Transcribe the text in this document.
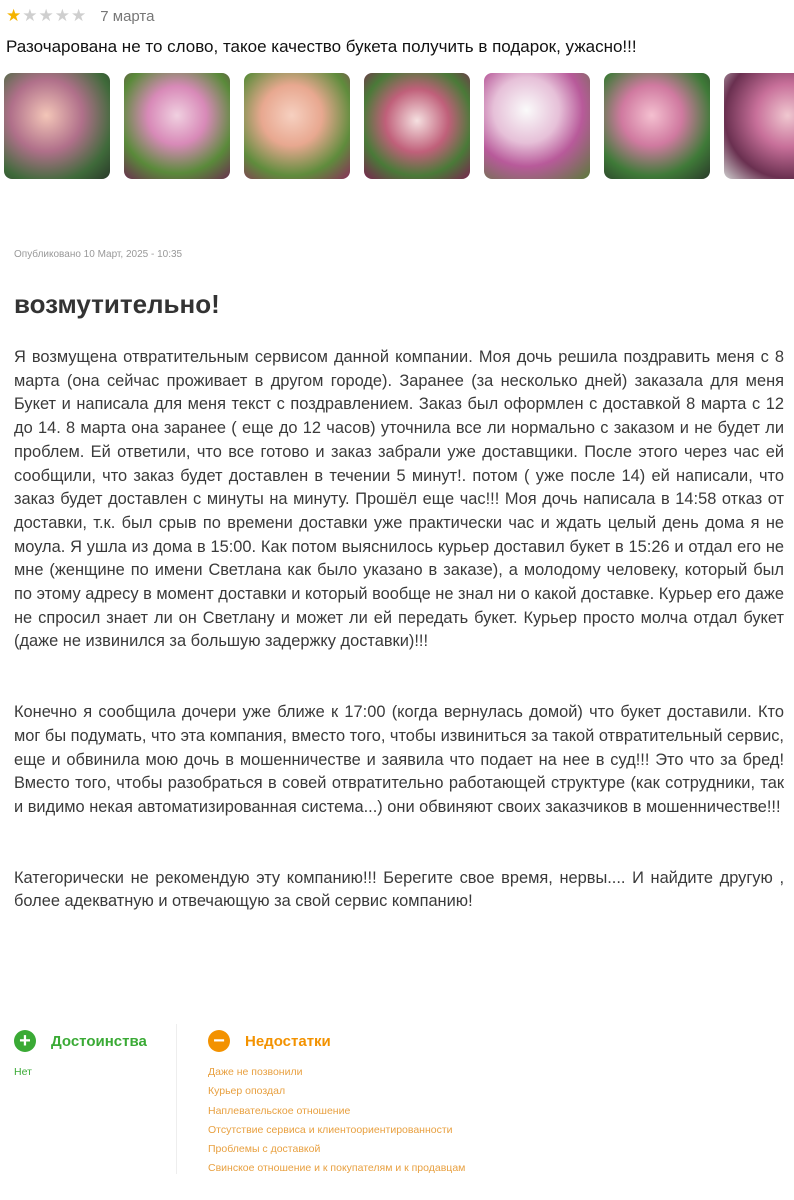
★ ★ ★ ★ ★ 7 марта
Разочарована не то слово, такое качество букета получить в подарок, ужасно!!!
Опубликовано 10 Март, 2025 - 10:35
возмутительно!

Я возмущена отвратительным сервисом данной компании. Моя дочь решила поздравить меня с 8 марта (она сейчас проживает в другом городе). Заранее (за несколько дней) заказала для меня Букет и написала для меня текст с поздравлением. Заказ был оформлен с доставкой 8 марта с 12 до 14. 8 марта она заранее ( еще до 12 часов) уточнила все ли нормально с заказом и не будет ли проблем. Ей ответили, что все готово и заказ забрали уже доставщики. После этого через час ей сообщили, что заказ будет доставлен в течении 5 минут!. потом ( уже после 14) ей написали, что заказ будет доставлен с минуты на минуту. Прошёл еще час!!! Моя дочь написала в 14:58 отказ от доставки, т.к. был срыв по времени доставки уже практически час и ждать целый день дома я не моула. Я ушла из дома в 15:00. Как потом выяснилось курьер доставил букет в 15:26 и отдал его не мне (женщине по имени Светлана как было указано в заказе), а молодому человеку, который был по этому адресу в момент доставки и который вообще не знал ни о какой доставке. Курьер его даже не спросил знает ли он Светлану и может ли ей передать букет. Курьер просто молча отдал букет (даже не извинился за большую задержку доставки)!!!

Конечно я сообщила дочери уже ближе к 17:00 (когда вернулась домой) что букет доставили. Кто мог бы подумать, что эта компания, вместо того, чтобы извиниться за такой отвратительный сервис, еще и обвинила мою дочь в мошенничестве и заявила что подает на нее в суд!!! Это что за бред! Вместо того, чтобы разобраться в совей отвратительно работающей структуре (как сотрудники, так и видимо некая автоматизированная система...) они обвиняют своих заказчиков в мошенничестве!!!

Категорически не рекомендую эту компанию!!! Берегите свое время, нервы.... И найдите другую , более адекватную и отвечающую за свой сервис компанию!

+	Достоинства
Нет
−	Недостатки
Даже не позвонили
Курьер опоздал
Наплевательское отношение
Отсутствие сервиса и клиентоориентированности
Проблемы с доставкой
Свинское отношение и к покупателям и к продавцам
